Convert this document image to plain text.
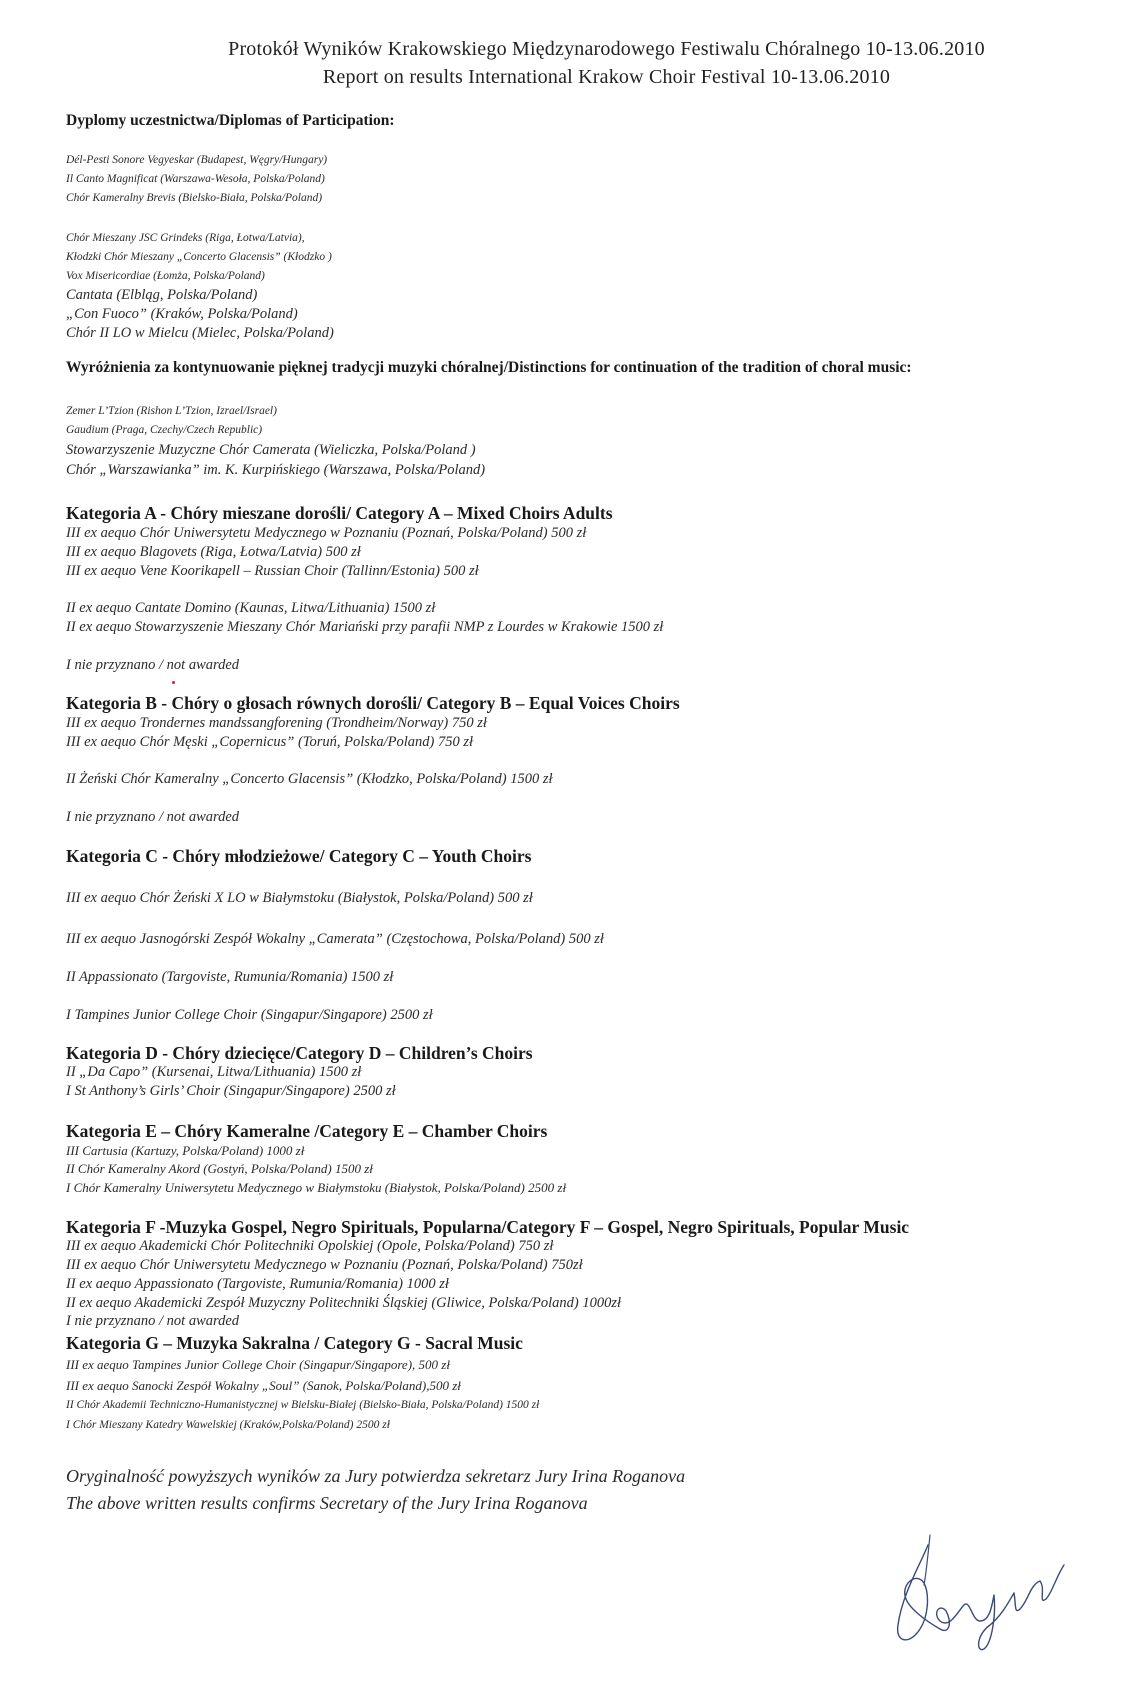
Protokół Wyników Krakowskiego Międzynarodowego Festiwalu Chóralnego 10-13.06.2010
Report on results International Krakow Choir Festival 10-13.06.2010
Dyplomy uczestnictwa/Diplomas of Participation:
Dél-Pesti Sonore Vegyeskar (Budapest, Węgry/Hungary)
Il Canto Magnificat (Warszawa-Wesoła, Polska/Poland)
Chór Kameralny Brevis (Bielsko-Biała, Polska/Poland)
Chór Mieszany JSC Grindeks (Riga, Łotwa/Latvia),
Kłodzki Chór Mieszany „Concerto Glacensis” (Kłodzko )
Vox Misericordiae (Łomża, Polska/Poland)
Cantata (Elbląg, Polska/Poland)
„Con Fuoco” (Kraków, Polska/Poland)
Chór II LO w Mielcu (Mielec, Polska/Poland)
Wyróżnienia za kontynuowanie pięknej tradycji muzyki chóralnej/Distinctions for continuation of the tradition of choral music:
Zemer L’Tzion (Rishon L’Tzion, Izrael/Israel)
Gaudium (Praga, Czechy/Czech Republic)
Stowarzyszenie Muzyczne Chór Camerata (Wieliczka, Polska/Poland )
Chór „Warszawianka” im. K. Kurpińskiego (Warszawa, Polska/Poland)
Kategoria A - Chóry mieszane dorośli/ Category A – Mixed Choirs Adults
III ex aequo Chór Uniwersytetu Medycznego w Poznaniu (Poznań, Polska/Poland) 500 zł
III ex aequo Blagovets (Riga, Łotwa/Latvia) 500 zł
III ex aequo Vene Koorikapell – Russian Choir (Tallinn/Estonia) 500 zł
II ex aequo Cantate Domino (Kaunas, Litwa/Lithuania) 1500 zł
II ex aequo Stowarzyszenie Mieszany Chór Mariański przy parafii NMP z Lourdes w Krakowie 1500 zł
I nie przyznano / not awarded
Kategoria B - Chóry o głosach równych dorośli/ Category B – Equal Voices Choirs
III ex aequo Trondernes mandssangforening (Trondheim/Norway) 750 zł
III ex aequo Chór Męski „Copernicus” (Toruń, Polska/Poland) 750 zł
II Żeński Chór Kameralny „Concerto Glacensis” (Kłodzko, Polska/Poland) 1500 zł
I nie przyznano / not awarded
Kategoria C - Chóry młodzieżowe/ Category C – Youth Choirs
III ex aequo Chór Żeński X LO w Białymstoku (Białystok, Polska/Poland) 500 zł
III ex aequo Jasnogórski Zespół Wokalny „Camerata” (Częstochowa, Polska/Poland) 500 zł
II Appassionato (Targoviste, Rumunia/Romania) 1500 zł
I Tampines Junior College Choir (Singapur/Singapore) 2500 zł
Kategoria D - Chóry dziecięce/Category D – Children’s Choirs
II „Da Capo” (Kursenai, Litwa/Lithuania) 1500 zł
I St Anthony’s Girls’ Choir (Singapur/Singapore) 2500 zł
Kategoria E – Chóry Kameralne /Category E – Chamber Choirs
III Cartusia (Kartuzy, Polska/Poland) 1000 zł
II Chór Kameralny Akord (Gostyń, Polska/Poland) 1500 zł
I Chór Kameralny Uniwersytetu Medycznego w Białymstoku (Białystok, Polska/Poland) 2500 zł
Kategoria F -Muzyka Gospel, Negro Spirituals, Popularna/Category F – Gospel, Negro Spirituals, Popular Music
III ex aequo Akademicki Chór Politechniki Opolskiej (Opole, Polska/Poland) 750 zł
III ex aequo Chór Uniwersytetu Medycznego w Poznaniu (Poznań, Polska/Poland) 750zł
II ex aequo Appassionato (Targoviste, Rumunia/Romania) 1000 zł
II ex aequo Akademicki Zespół Muzyczny Politechniki Śląskiej (Gliwice, Polska/Poland) 1000zł
I nie przyznano / not awarded
Kategoria G – Muzyka Sakralna / Category G - Sacral Music
III ex aequo Tampines Junior College Choir (Singapur/Singapore), 500 zł
III ex aequo Sanocki Zespół Wokalny „Soul” (Sanok, Polska/Poland),500 zł
II Chór Akademii Techniczno-Humanistycznej w Bielsku-Białej (Bielsko-Biała, Polska/Poland) 1500 zł
I Chór Mieszany Katedry Wawelskiej (Kraków,Polska/Poland) 2500 zł
Oryginalność powyższych wyników za Jury potwierdza sekretarz Jury Irina Roganova
The above written results confirms Secretary of the Jury Irina Roganova
